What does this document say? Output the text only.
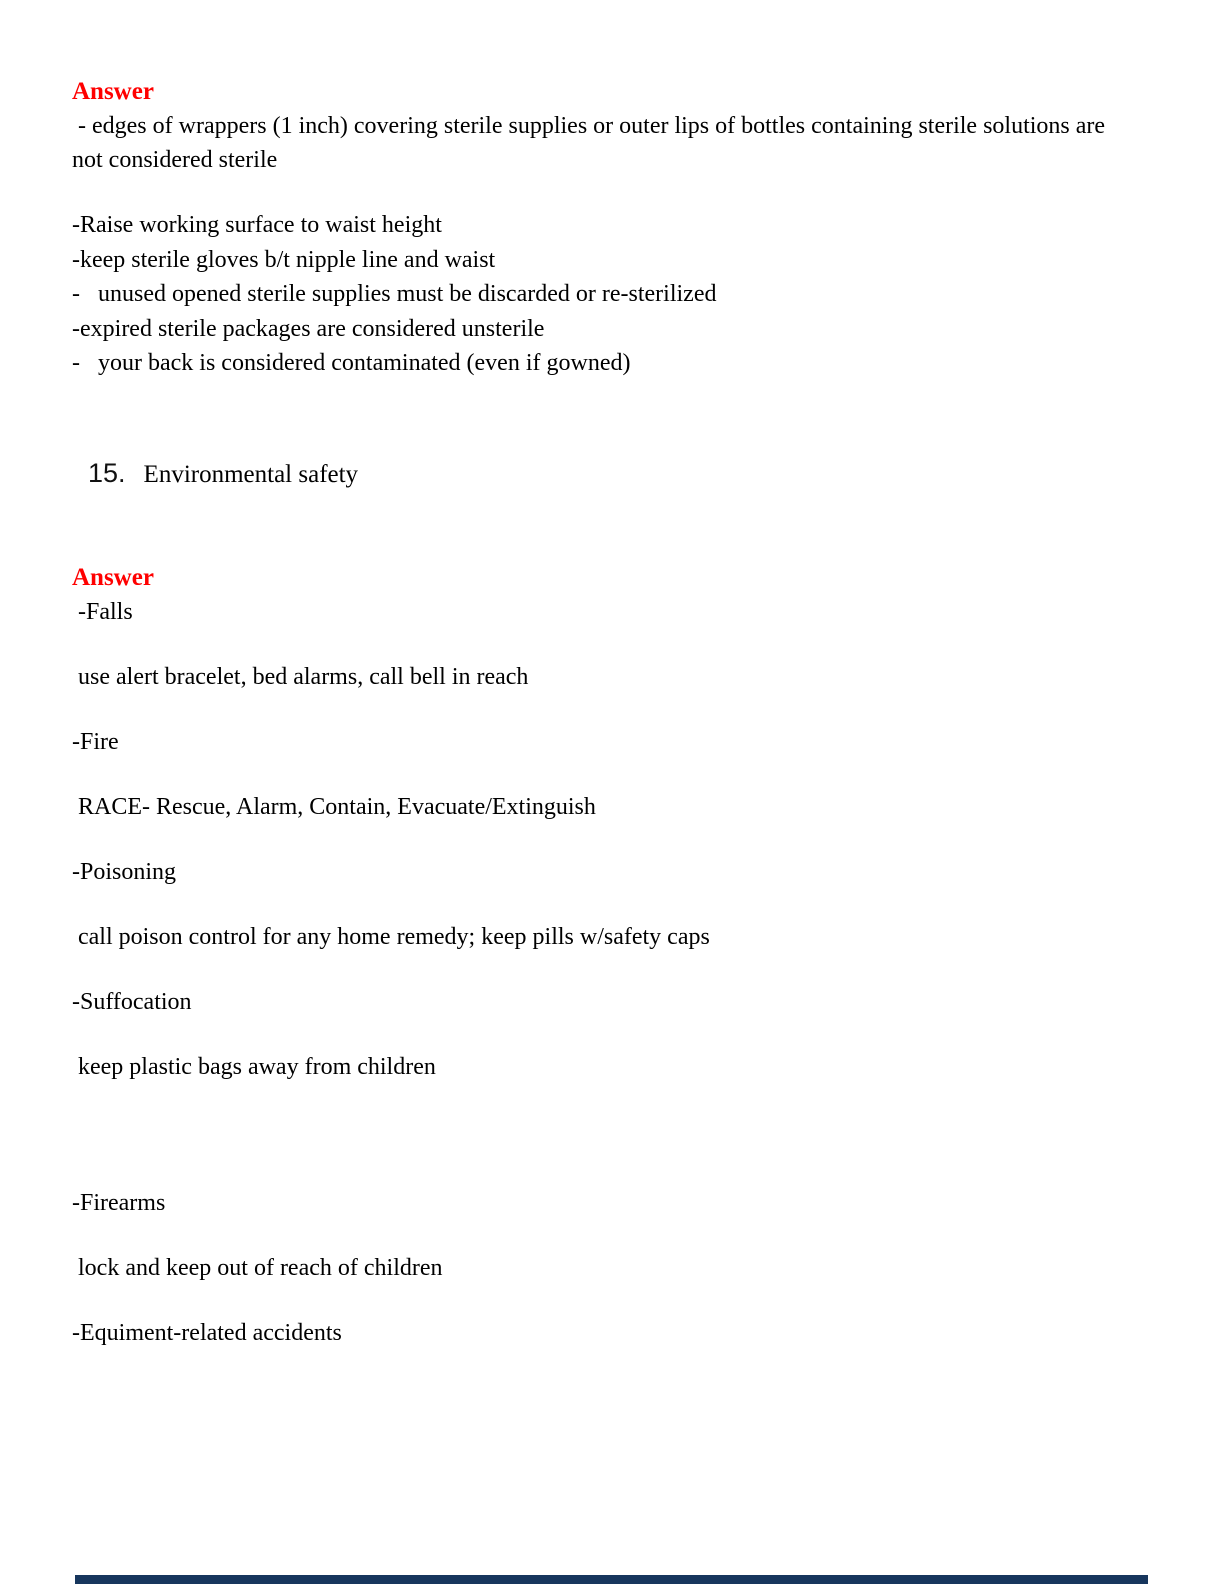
Answer

- edges of wrappers (1 inch) covering sterile supplies or outer lips of bottles containing sterile solutions are not considered sterile

-Raise working surface to waist height
-keep sterile gloves b/t nipple line and waist
-   unused opened sterile supplies must be discarded or re-sterilized
-expired sterile packages are considered unsterile
-   your back is considered contaminated (even if gowned)

15. Environmental safety

Answer
-Falls
use alert bracelet, bed alarms, call bell in reach
-Fire
RACE- Rescue, Alarm, Contain, Evacuate/Extinguish
-Poisoning
call poison control for any home remedy; keep pills w/safety caps
-Suffocation
keep plastic bags away from children
-Firearms
lock and keep out of reach of children
-Equiment-related accidents
